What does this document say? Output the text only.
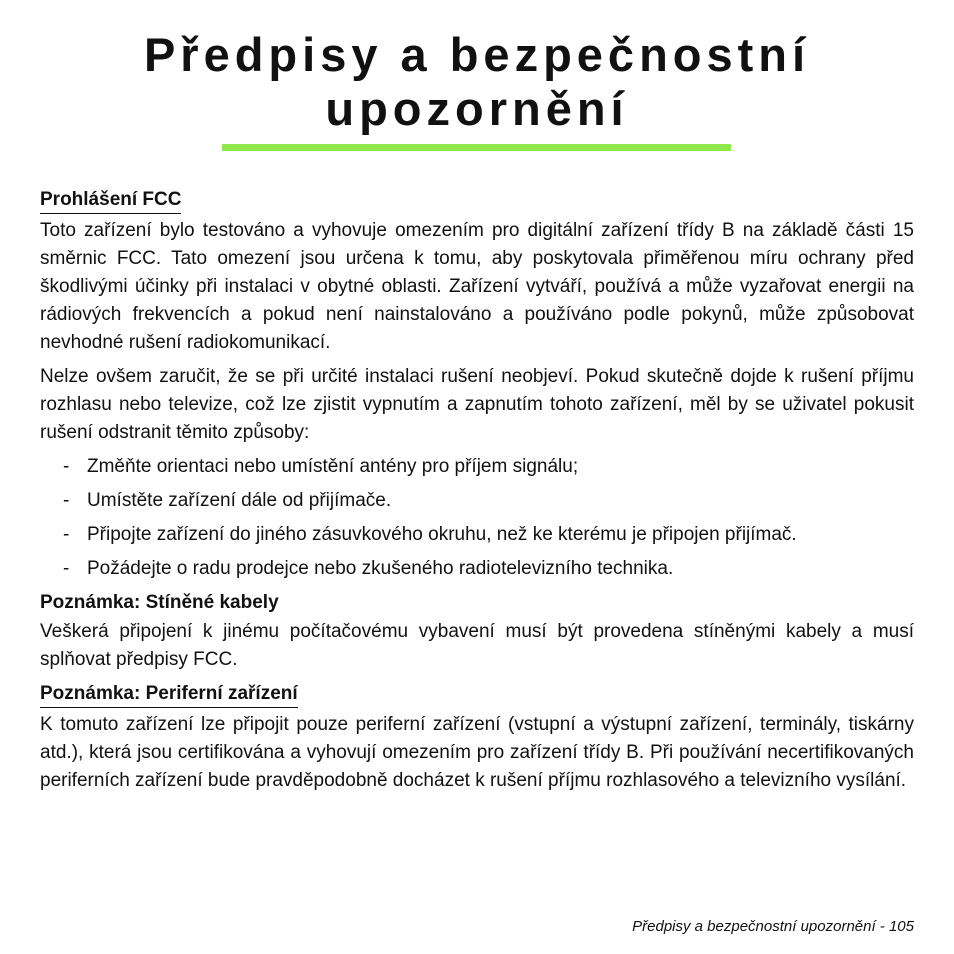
Předpisy a bezpečnostní
upozornění
Prohlášení FCC

Toto zařízení bylo testováno a vyhovuje omezením pro digitální zařízení třídy B na základě části 15 směrnic FCC. Tato omezení jsou určena k tomu, aby poskytovala přiměřenou míru ochrany před škodlivými účinky při instalaci v obytné oblasti. Zařízení vytváří, používá a může vyzařovat energii na rádiových frekvencích a pokud není nainstalováno a používáno podle pokynů, může způsobovat nevhodné rušení radiokomunikací.

Nelze ovšem zaručit, že se při určité instalaci rušení neobjeví. Pokud skutečně dojde k rušení příjmu rozhlasu nebo televize, což lze zjistit vypnutím a zapnutím tohoto zařízení, měl by se uživatel pokusit rušení odstranit těmito způsoby:

- Změňte orientaci nebo umístění antény pro příjem signálu;
- Umístěte zařízení dále od přijímače.
- Připojte zařízení do jiného zásuvkového okruhu, než ke kterému je připojen přijímač.
- Požádejte o radu prodejce nebo zkušeného radiotelevizního technika.
Poznámka: Stíněné kabely

Veškerá připojení k jinému počítačovému vybavení musí být provedena stíněnými kabely a musí splňovat předpisy FCC.

Poznámka: Periferní zařízení

K tomuto zařízení lze připojit pouze periferní zařízení (vstupní a výstupní zařízení, terminály, tiskárny atd.), která jsou certifikována a vyhovují omezením pro zařízení třídy B. Při používání necertifikovaných periferních zařízení bude pravděpodobně docházet k rušení příjmu rozhlasového a televizního vysílání.

Předpisy a bezpečnostní upozornění - 105
